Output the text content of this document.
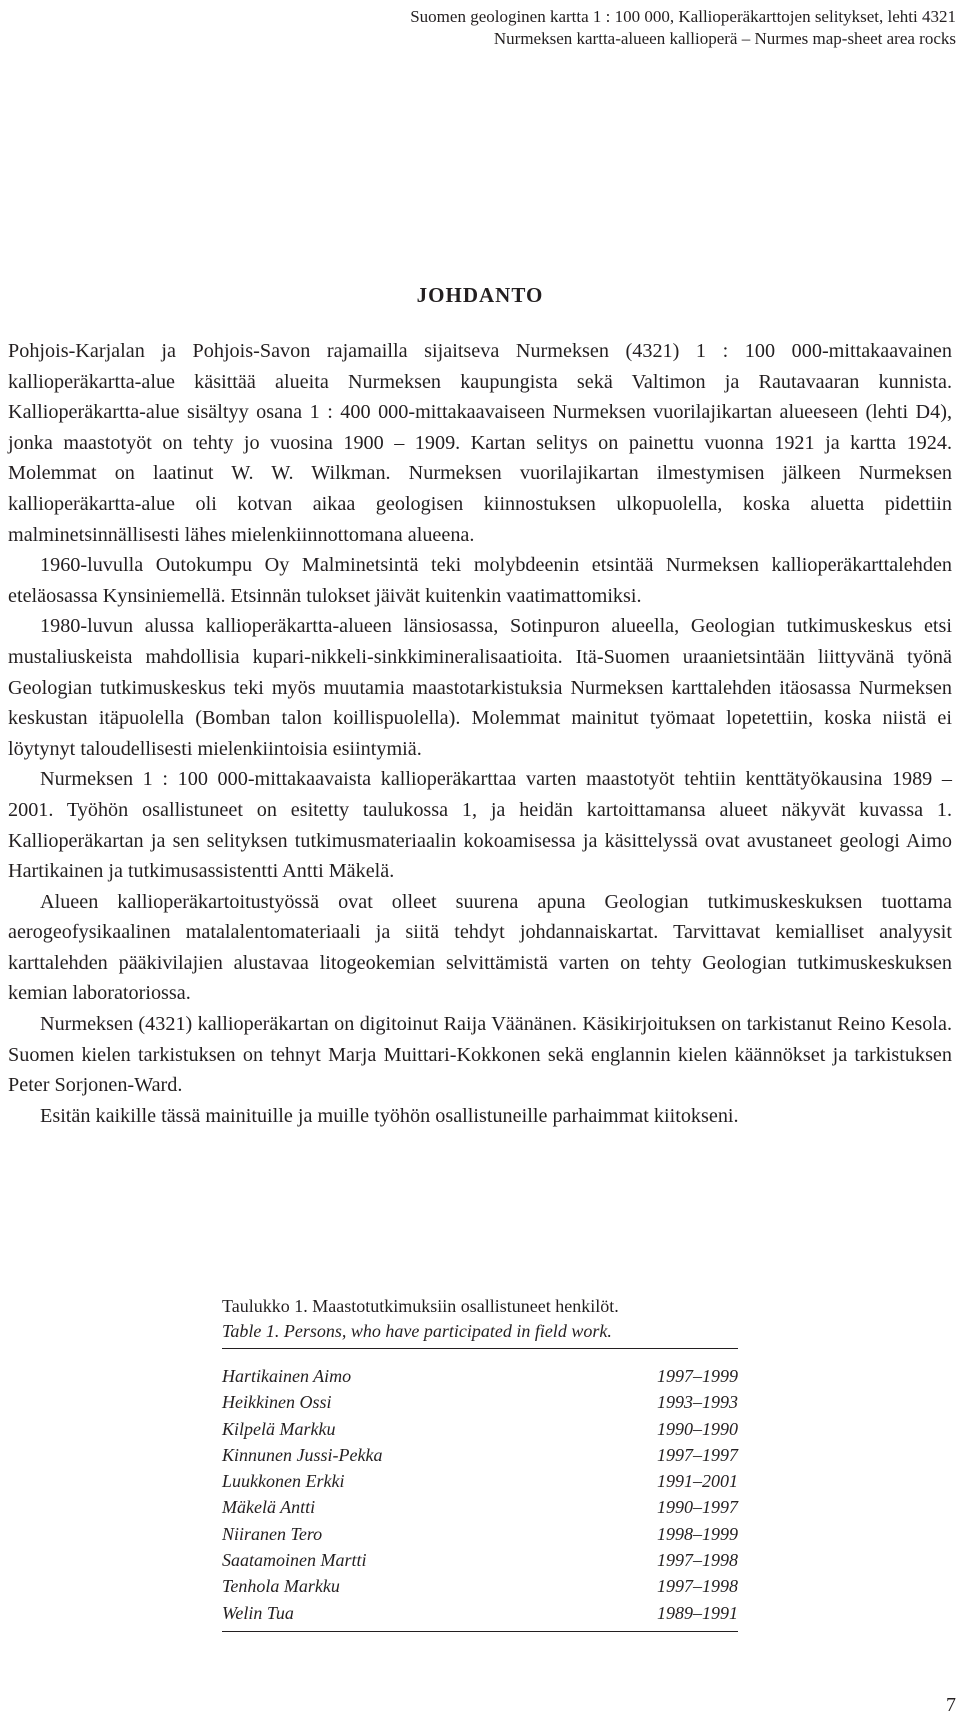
Suomen geologinen kartta 1 : 100 000, Kallioperäkarttojen selitykset, lehti 4321
Nurmeksen kartta-alueen kallioperä – Nurmes map-sheet area rocks
JOHDANTO

Pohjois-Karjalan ja Pohjois-Savon rajamailla sijaitseva Nurmeksen (4321) 1 : 100 000-mittakaavainen kallioperäkartta-alue käsittää alueita Nurmeksen kaupungista sekä Valtimon ja Rautavaaran kunnista. Kallioperäkartta-alue sisältyy osana 1 : 400 000-mittakaavaiseen Nurmeksen vuorilajikartan alueeseen (lehti D4), jonka maastotyöt on tehty jo vuosina 1900 – 1909. Kartan selitys on painettu vuonna 1921 ja kartta 1924. Molemmat on laatinut W. W. Wilkman. Nurmeksen vuorilajikartan ilmestymisen jälkeen Nurmeksen kallioperäkartta-alue oli kotvan aikaa geologisen kiinnostuksen ulkopuolella, koska aluetta pidettiin malminetsinnällisesti lähes mielenkiinnottomana alueena.

1960-luvulla Outokumpu Oy Malminetsintä teki molybdeenin etsintää Nurmeksen kallioperäkarttalehden eteläosassa Kynsiniemellä. Etsinnän tulokset jäivät kuitenkin vaatimattomiksi.

1980-luvun alussa kallioperäkartta-alueen länsiosassa, Sotinpuron alueella, Geologian tutkimuskeskus etsi mustaliuskeista mahdollisia kupari-nikkeli-sinkkimineralisaatioita. Itä-Suomen uraanietsintään liittyvänä työnä Geologian tutkimuskeskus teki myös muutamia maastotarkistuksia Nurmeksen karttalehden itäosassa Nurmeksen keskustan itäpuolella (Bomban talon koillispuolella). Molemmat mainitut työmaat lopetettiin, koska niistä ei löytynyt taloudellisesti mielenkiintoisia esiintymiä.

Nurmeksen 1 : 100 000-mittakaavaista kallioperäkarttaa varten maastotyöt tehtiin kenttätyökausina 1989 – 2001. Työhön osallistuneet on esitetty taulukossa 1, ja heidän kartoittamansa alueet näkyvät kuvassa 1. Kallioperäkartan ja sen selityksen tutkimusmateriaalin kokoamisessa ja käsittelyssä ovat avustaneet geologi Aimo Hartikainen ja tutkimusassistentti Antti Mäkelä.

Alueen kallioperäkartoitustyössä ovat olleet suurena apuna Geologian tutkimuskeskuksen tuottama aerogeofysikaalinen matalalentomateriaali ja siitä tehdyt johdannaiskartat. Tarvittavat kemialliset analyysit karttalehden pääkivilajien alustavaa litogeokemian selvittämistä varten on tehty Geologian tutkimuskeskuksen kemian laboratoriossa.

Nurmeksen (4321) kallioperäkartan on digitoinut Raija Väänänen. Käsikirjoituksen on tarkistanut Reino Kesola. Suomen kielen tarkistuksen on tehnyt Marja Muittari-Kokkonen sekä englannin kielen käännökset ja tarkistuksen Peter Sorjonen-Ward.

Esitän kaikille tässä mainituille ja muille työhön osallistuneille parhaimmat kiitokseni.

Taulukko 1. Maastotutkimuksiin osallistuneet henkilöt.
Table 1. Persons, who have participated in field work.
Hartikainen Aimo	1997–1999
Heikkinen Ossi	1993–1993
Kilpelä Markku	1990–1990
Kinnunen Jussi-Pekka	1997–1997
Luukkonen Erkki	1991–2001
Mäkelä Antti	1990–1997
Niiranen Tero	1998–1999
Saatamoinen Martti	1997–1998
Tenhola Markku	1997–1998
Welin Tua	1989–1991
7
